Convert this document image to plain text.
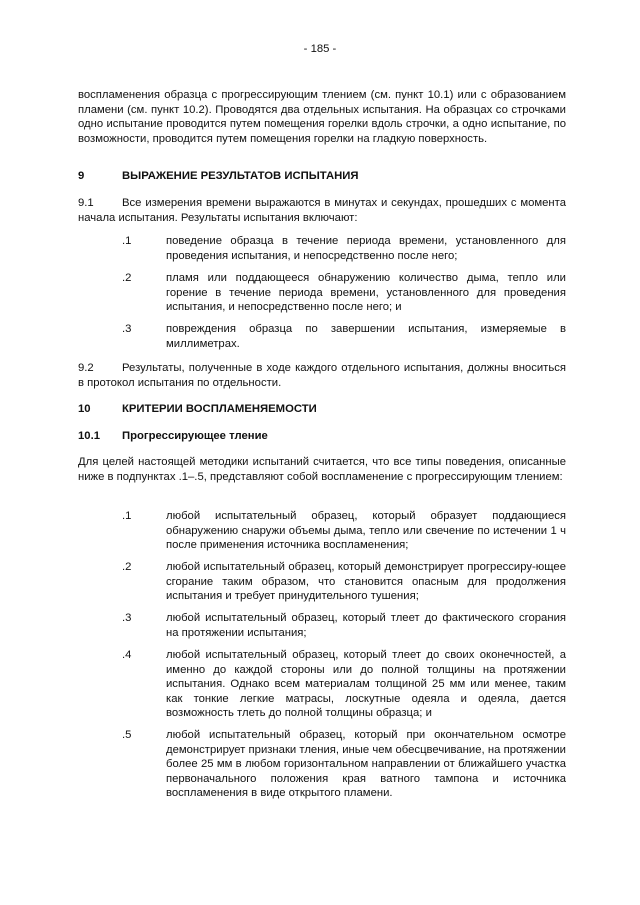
- 185 -
воспламенения образца с прогрессирующим тлением (см. пункт 10.1) или с образованием пламени (см. пункт 10.2). Проводятся два отдельных испытания. На образцах со строчками одно испытание проводится путем помещения горелки вдоль строчки, а одно испытание, по возможности, проводится путем помещения горелки на гладкую поверхность.
9	ВЫРАЖЕНИЕ РЕЗУЛЬТАТОВ ИСПЫТАНИЯ
9.1	Все измерения времени выражаются в минутах и секундах, прошедших с момента начала испытания. Результаты испытания включают:
.1	поведение образца в течение периода времени, установленного для проведения испытания, и непосредственно после него;
.2	пламя или поддающееся обнаружению количество дыма, тепло или горение в течение периода времени, установленного для проведения испытания, и непосредственно после него; и
.3	повреждения образца по завершении испытания, измеряемые в миллиметрах.
9.2	Результаты, полученные в ходе каждого отдельного испытания, должны вноситься в протокол испытания по отдельности.
10	КРИТЕРИИ ВОСПЛАМЕНЯЕМОСТИ
10.1 Прогрессирующее тление
Для целей настоящей методики испытаний считается, что все типы поведения, описанные ниже в подпунктах .1–.5, представляют собой воспламенение с прогрессирующим тлением:
.1	любой испытательный образец, который образует поддающиеся обнаружению снаружи объемы дыма, тепло или свечение по истечении 1 ч после применения источника воспламенения;
.2	любой испытательный образец, который демонстрирует прогрессиру-ющее сгорание таким образом, что становится опасным для продолжения испытания и требует принудительного тушения;
.3	любой испытательный образец, который тлеет до фактического сгорания на протяжении испытания;
.4	любой испытательный образец, который тлеет до своих оконечностей, а именно до каждой стороны или до полной толщины на протяжении испытания. Однако всем материалам толщиной 25 мм или менее, таким как тонкие легкие матрасы, лоскутные одеяла и одеяла, дается возможность тлеть до полной толщины образца; и
.5	любой испытательный образец, который при окончательном осмотре демонстрирует признаки тления, иные чем обесцвечивание, на протяжении более 25 мм в любом горизонтальном направлении от ближайшего участка первоначального положения края ватного тампона и источника воспламенения в виде открытого пламени.
